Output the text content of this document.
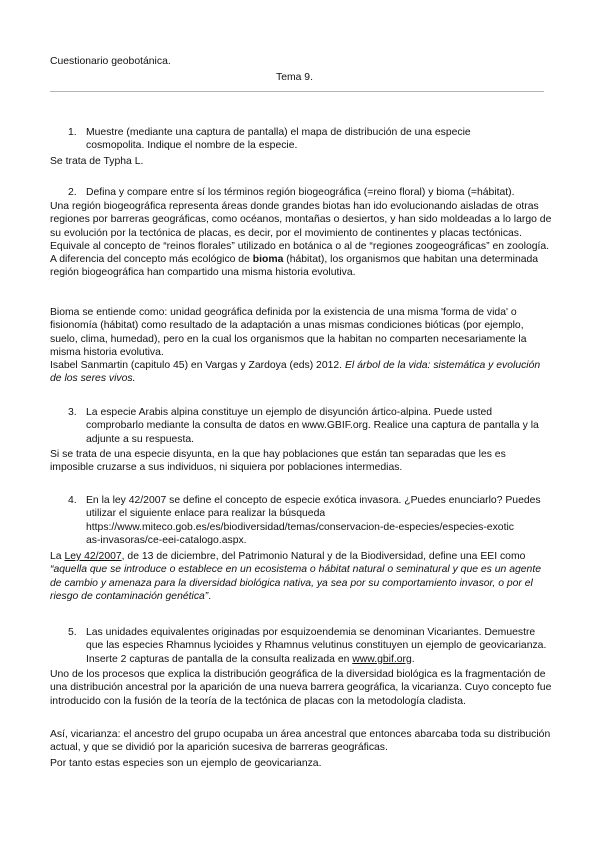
Cuestionario geobotánica.
Tema 9.
1. Muestre (mediante una captura de pantalla) el mapa de distribución de una especie cosmopolita. Indique el nombre de la especie.
Se trata de Typha L.
2. Defina y compare entre sí los términos región biogeográfica (=reino floral) y bioma (=hábitat).
Una región biogeográfica representa áreas donde grandes biotas han ido evolucionando aisladas de otras regiones por barreras geográficas, como océanos, montañas o desiertos, y han sido moldeadas a lo largo de su evolución por la tectónica de placas, es decir, por el movimiento de continentes y placas tectónicas. Equivale al concepto de “reinos florales” utilizado en botánica o al de “regiones zoogeográficas” en zoología. A diferencia del concepto más ecológico de bioma (hábitat), los organismos que habitan una determinada región biogeográfica han compartido una misma historia evolutiva.
Bioma se entiende como: unidad geográfica definida por la existencia de una misma 'forma de vida' o fisionomía (hábitat) como resultado de la adaptación a unas mismas condiciones bióticas (por ejemplo, suelo, clima, humedad), pero en la cual los organismos que la habitan no comparten necesariamente la misma historia evolutiva.
Isabel Sanmartin (capitulo 45) en Vargas y Zardoya (eds) 2012. El árbol de la vida: sistemática y evolución de los seres vivos.
3. La especie Arabis alpina constituye un ejemplo de disyunción ártico-alpina. Puede usted comprobarlo mediante la consulta de datos en www.GBIF.org. Realice una captura de pantalla y la adjunte a su respuesta.
Si se trata de una especie disyunta, en la que hay poblaciones que están tan separadas que les es imposible cruzarse a sus individuos, ni siquiera por poblaciones intermedias.
4. En la ley 42/2007 se define el concepto de especie exótica invasora. ¿Puedes enunciarlo? Puedes utilizar el siguiente enlace para realizar la búsqueda
https://www.miteco.gob.es/es/biodiversidad/temas/conservacion-de-especies/especies-exotic
as-invasoras/ce-eei-catalogo.aspx.
La Ley 42/2007, de 13 de diciembre, del Patrimonio Natural y de la Biodiversidad, define una EEI como “aquella que se introduce o establece en un ecosistema o hábitat natural o seminatural y que es un agente de cambio y amenaza para la diversidad biológica nativa, ya sea por su comportamiento invasor, o por el riesgo de contaminación genética”.
5. Las unidades equivalentes originadas por esquizoendemia se denominan Vicariantes. Demuestre que las especies Rhamnus lycioides y Rhamnus velutinus constituyen un ejemplo de geovicarianza. Inserte 2 capturas de pantalla de la consulta realizada en www.gbif.org.
Uno de los procesos que explica la distribución geográfica de la diversidad biológica es la fragmentación de una distribución ancestral por la aparición de una nueva barrera geográfica, la vicarianza. Cuyo concepto fue introducido con la fusión de la teoría de la tectónica de placas con la metodología cladista.
Así, vicarianza: el ancestro del grupo ocupaba un área ancestral que entonces abarcaba toda su distribución actual, y que se dividió por la aparición sucesiva de barreras geográficas.
Por tanto estas especies son un ejemplo de geovicarianza.
